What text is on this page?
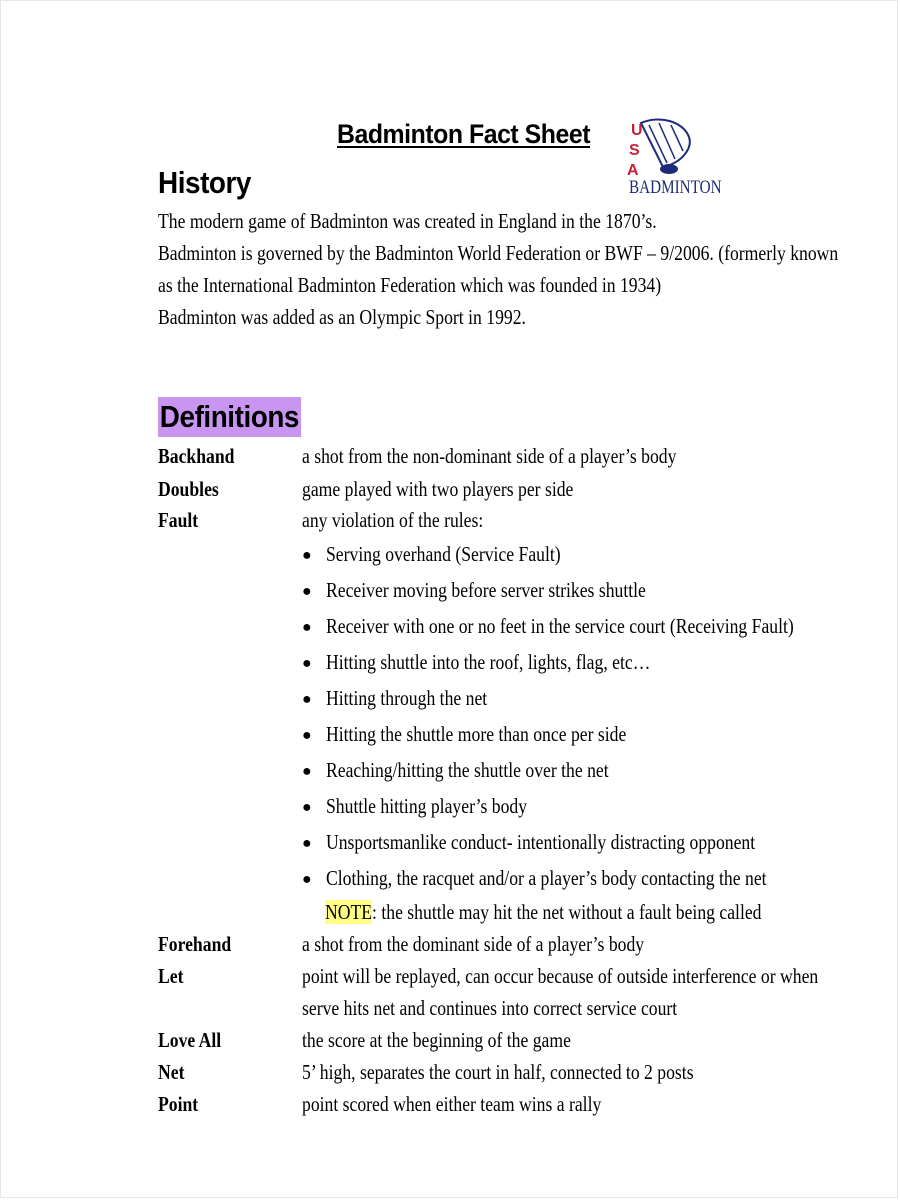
Badminton Fact Sheet	U
S
A
BADMINTON
History
The modern game of Badminton was created in England in the 1870’s.
Badminton is governed by the Badminton World Federation or BWF – 9/2006. (formerly known
as the International Badminton Federation which was founded in 1934)
Badminton was added as an Olympic Sport in 1992.
Definitions
Backhand	a shot from the non-dominant side of a player’s body
Doubles	game played with two players per side
Fault	any violation of the rules:
● Serving overhand (Service Fault)
● Receiver moving before server strikes shuttle
● Receiver with one or no feet in the service court (Receiving Fault)
● Hitting shuttle into the roof, lights, flag, etc…
● Hitting through the net
● Hitting the shuttle more than once per side
● Reaching/hitting the shuttle over the net
● Shuttle hitting player’s body
● Unsportsmanlike conduct- intentionally distracting opponent
● Clothing, the racquet and/or a player’s body contacting the net
NOTE: the shuttle may hit the net without a fault being called
Forehand	a shot from the dominant side of a player’s body
Let	point will be replayed, can occur because of outside interference or when
serve hits net and continues into correct service court
Love All	the score at the beginning of the game
Net	5’ high, separates the court in half, connected to 2 posts
Point	point scored when either team wins a rally
